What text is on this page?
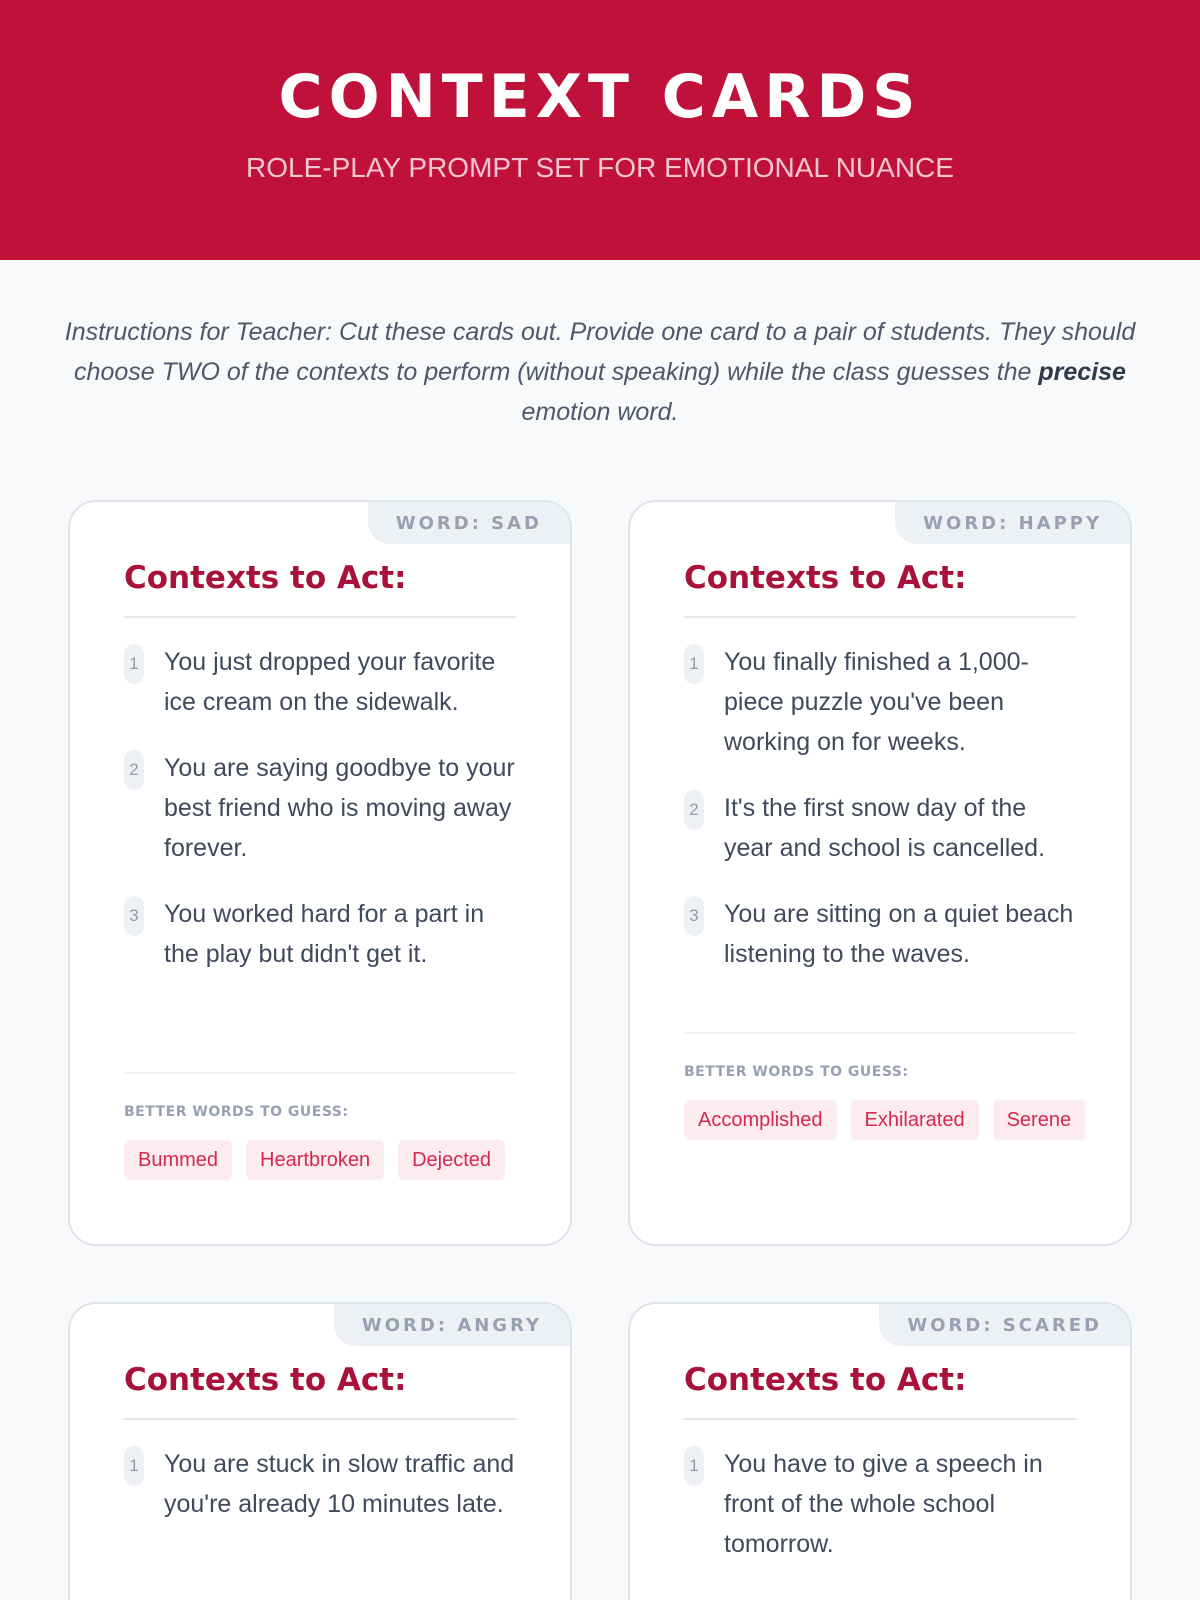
CONTEXT CARDS
ROLE-PLAY PROMPT SET FOR EMOTIONAL NUANCE
Instructions for Teacher: Cut these cards out. Provide one card to a pair of students. They should choose TWO of the contexts to perform (without speaking) while the class guesses the precise emotion word.
WORD: SAD
Contexts to Act:
1 You just dropped your favorite ice cream on the sidewalk.
2 You are saying goodbye to your best friend who is moving away forever.
3 You worked hard for a part in the play but didn't get it.
BETTER WORDS TO GUESS:
Bummed	Heartbroken	Dejected
WORD: HAPPY
Contexts to Act:
1 You finally finished a 1,000-piece puzzle you've been working on for weeks.
2 It's the first snow day of the year and school is cancelled.
3 You are sitting on a quiet beach listening to the waves.
BETTER WORDS TO GUESS:
Accomplished	Exhilarated	Serene
WORD: ANGRY
Contexts to Act:
1 You are stuck in slow traffic and you're already 10 minutes late.
WORD: SCARED
Contexts to Act:
1 You have to give a speech in front of the whole school tomorrow.
